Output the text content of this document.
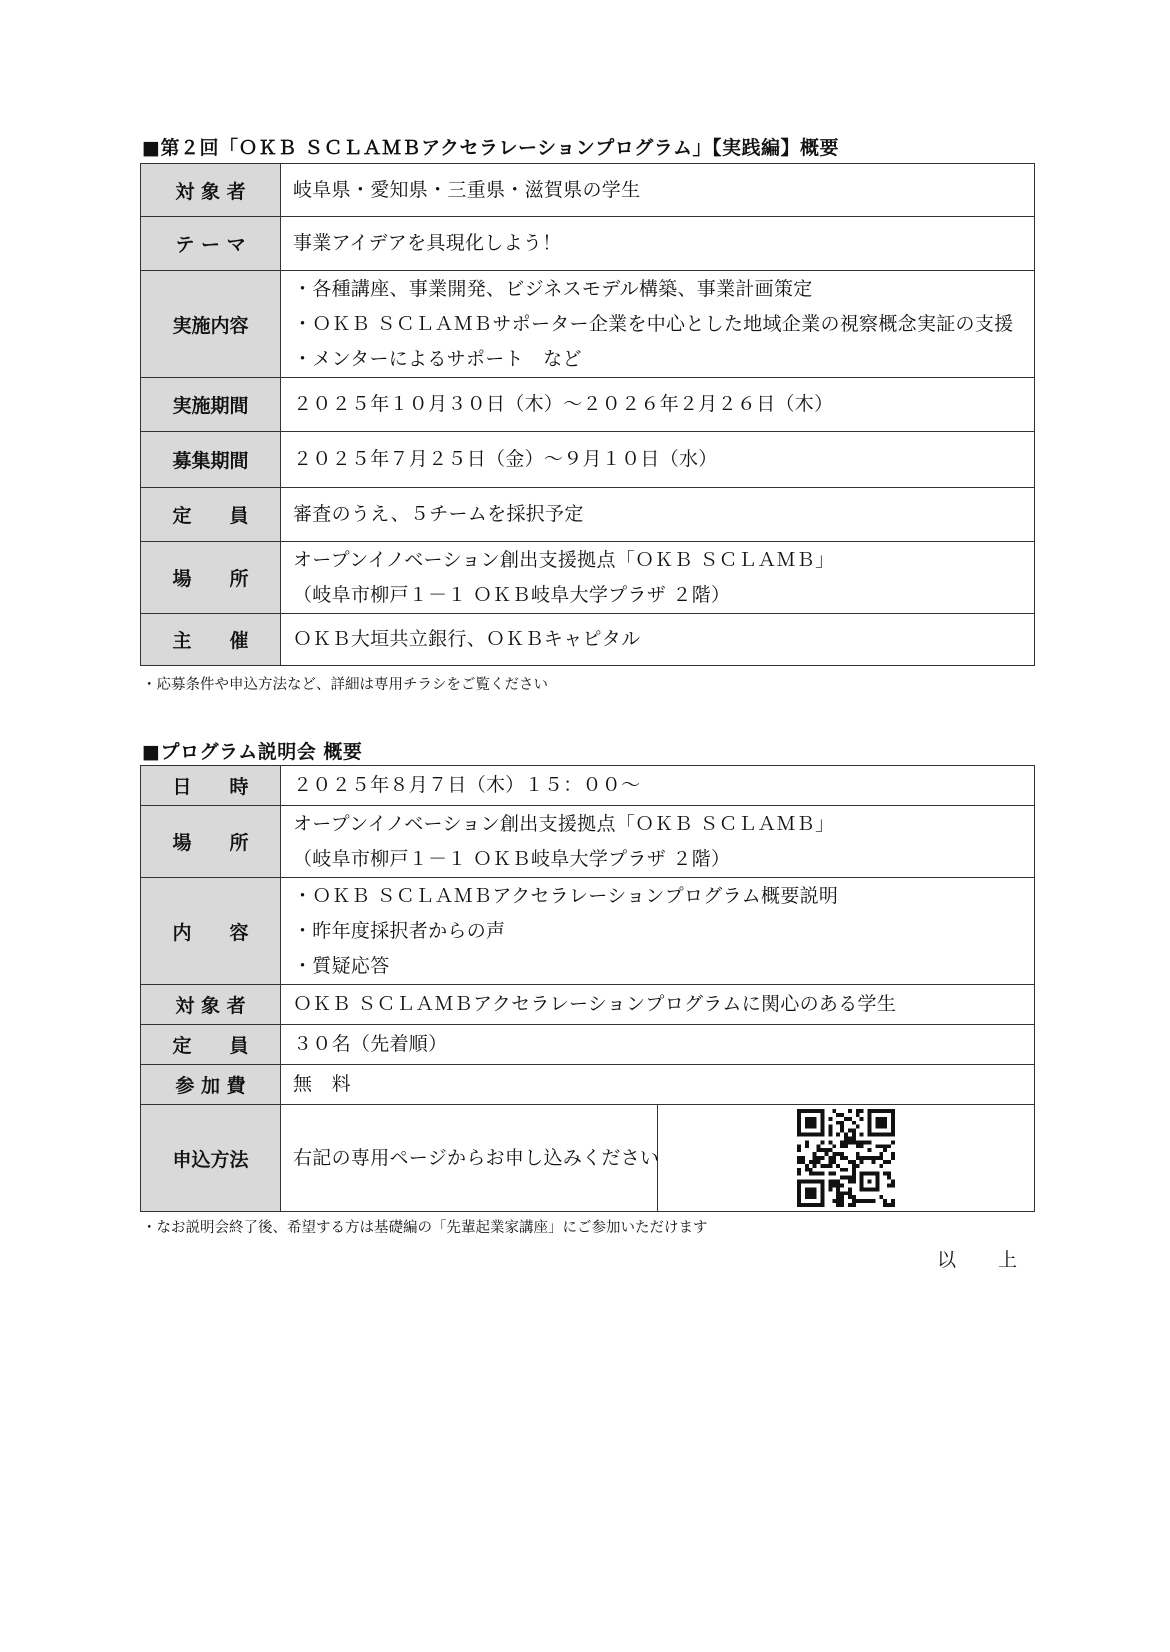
■第２回「ＯＫＢ ＳＣＬＡＭＢアクセラレーションプログラム」【実践編】概要
対 象 者	岐阜県・愛知県・三重県・滋賀県の学生

テ ー マ	事業アイデアを具現化しよう！

実施内容	・各種講座、事業開発、ビジネスモデル構築、事業計画策定
・ＯＫＢ ＳＣＬＡＭＢサポーター企業を中心とした地域企業の視察概念実証の支援
・メンターによるサポート　など

実施期間	２０２５年１０月３０日（木）～２０２６年２月２６日（木）

募集期間	２０２５年７月２５日（金）～９月１０日（水）

定　　員	審査のうえ、５チームを採択予定

場　　所	オープンイノベーション創出支援拠点「ＯＫＢ ＳＣＬＡＭＢ」
（岐阜市柳戸１－１ ＯＫＢ岐阜大学プラザ ２階）

主　　催	ＯＫＢ大垣共立銀行、ＯＫＢキャピタル
・応募条件や申込方法など、詳細は専用チラシをご覧ください
■プログラム説明会 概要
日　　時	２０２５年８月７日（木）１５：００～	

場　　所	オープンイノベーション創出支援拠点「ＯＫＢ ＳＣＬＡＭＢ」
（岐阜市柳戸１－１ ＯＫＢ岐阜大学プラザ ２階）	

内　　容	・ＯＫＢ ＳＣＬＡＭＢアクセラレーションプログラム概要説明
・昨年度採択者からの声
・質疑応答	

対 象 者	ＯＫＢ ＳＣＬＡＭＢアクセラレーションプログラムに関心のある学生	

定　　員	３０名（先着順）	

参 加 費	無　料	

申込方法	右記の専用ページからお申し込みください

・なお説明会終了後、希望する方は基礎編の「先輩起業家講座」にご参加いただけます
以 上
